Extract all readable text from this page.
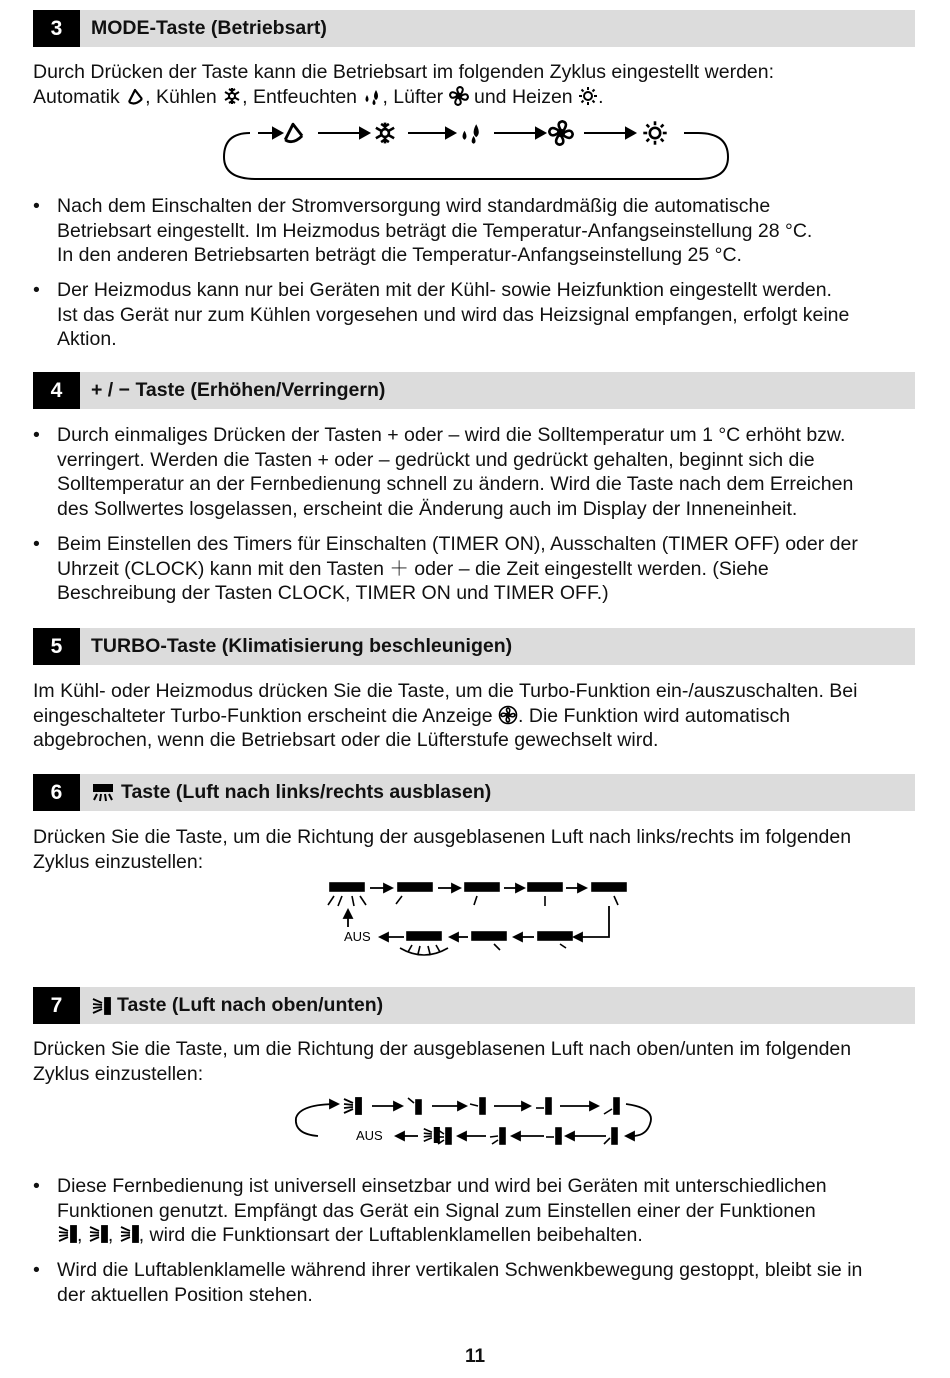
3	MODE-Taste (Betriebsart)
Durch Drücken der Taste kann die Betriebsart im folgenden Zyklus eingestellt werden:
Automatik , Kühlen , Entfeuchten , Lüfter  und Heizen .
• Nach dem Einschalten der Stromversorgung wird standardmäßig die automatische
Betriebsart eingestellt. Im Heizmodus beträgt die Temperatur-Anfangseinstellung 28 °C.
In den anderen Betriebsarten beträgt die Temperatur-Anfangseinstellung 25 °C.
• Der Heizmodus kann nur bei Geräten mit der Kühl- sowie Heizfunktion eingestellt werden.
Ist das Gerät nur zum Kühlen vorgesehen und wird das Heizsignal empfangen, erfolgt keine
Aktion.
4	+ / − Taste (Erhöhen/Verringern)
• Durch einmaliges Drücken der Tasten + oder – wird die Solltemperatur um 1 °C erhöht bzw.
verringert. Werden die Tasten + oder – gedrückt und gedrückt gehalten, beginnt sich die
Solltemperatur an der Fernbedienung schnell zu ändern. Wird die Taste nach dem Erreichen
des Sollwertes losgelassen, erscheint die Änderung auch im Display der Inneneinheit.
• Beim Einstellen des Timers für Einschalten (TIMER ON), Ausschalten (TIMER OFF) oder der
Uhrzeit (CLOCK) kann mit den Tasten ＋ oder – die Zeit eingestellt werden. (Siehe
Beschreibung der Tasten CLOCK, TIMER ON und TIMER OFF.)
5	TURBO-Taste (Klimatisierung beschleunigen)
Im Kühl- oder Heizmodus drücken Sie die Taste, um die Turbo-Funktion ein-/auszuschalten. Bei
eingeschalteter Turbo-Funktion erscheint die Anzeige . Die Funktion wird automatisch
abgebrochen, wenn die Betriebsart oder die Lüfterstufe gewechselt wird.
6	Taste (Luft nach links/rechts ausblasen)
Drücken Sie die Taste, um die Richtung der ausgeblasenen Luft nach links/rechts im folgenden
Zyklus einzustellen:
AUS
7	Taste (Luft nach oben/unten)
Drücken Sie die Taste, um die Richtung der ausgeblasenen Luft nach oben/unten im folgenden
Zyklus einzustellen:
AUS
• Diese Fernbedienung ist universell einsetzbar und wird bei Geräten mit unterschiedlichen
Funktionen genutzt. Empfängt das Gerät ein Signal zum Einstellen einer der Funktionen
, , , wird die Funktionsart der Luftablenklamellen beibehalten.
• Wird die Luftablenklamelle während ihrer vertikalen Schwenkbewegung gestoppt, bleibt sie in
der aktuellen Position stehen.
11
